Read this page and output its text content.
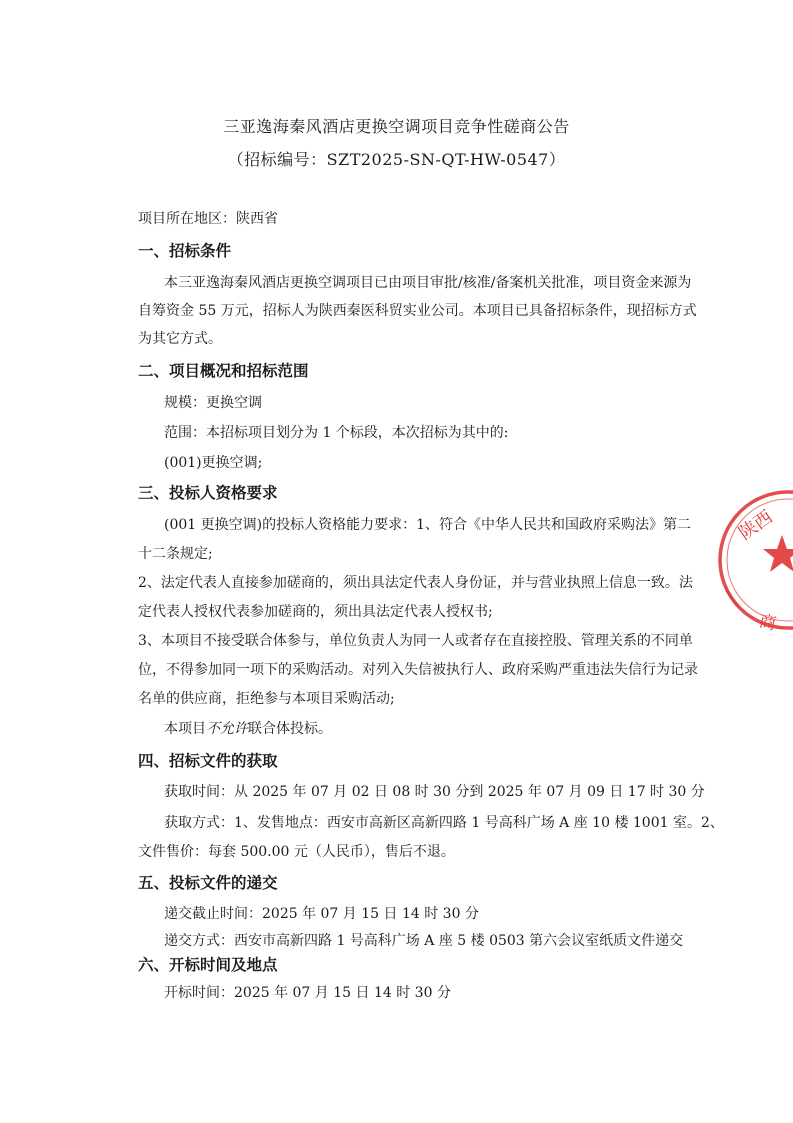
三亚逸海秦风酒店更换空调项目竞争性磋商公告
（招标编号：SZT2025-SN-QT-HW-0547）
项目所在地区：陕西省
一、招标条件
本三亚逸海秦风酒店更换空调项目已由项目审批/核准/备案机关批准，项目资金来源为
自筹资金 55 万元，招标人为陕西秦医科贸实业公司。本项目已具备招标条件，现招标方式
为其它方式。
二、项目概况和招标范围
规模：更换空调
范围：本招标项目划分为 1 个标段，本次招标为其中的:
(001)更换空调;
三、投标人资格要求
(001 更换空调)的投标人资格能力要求：1、符合《中华人民共和国政府采购法》第二
十二条规定;
2、法定代表人直接参加磋商的，须出具法定代表人身份证，并与营业执照上信息一致。法
定代表人授权代表参加磋商的，须出具法定代表人授权书;
3、本项目不接受联合体参与，单位负责人为同一人或者存在直接控股、管理关系的不同单
位，不得参加同一项下的采购活动。对列入失信被执行人、政府采购严重违法失信行为记录
名单的供应商，拒绝参与本项目采购活动;
本项目不允许联合体投标。
四、招标文件的获取
获取时间：从 2025 年 07 月 02 日 08 时 30 分到 2025 年 07 月 09 日 17 时 30 分
获取方式：1、发售地点：西安市高新区高新四路 1 号高科广场 A 座 10 楼 1001 室。2、
文件售价：每套 500.00 元（人民币），售后不退。
五、投标文件的递交
递交截止时间：2025 年 07 月 15 日 14 时 30 分
递交方式：西安市高新四路 1 号高科广场 A 座 5 楼 0503 第六会议室纸质文件递交
六、开标时间及地点
开标时间：2025 年 07 月 15 日 14 时 30 分
陕西
商
